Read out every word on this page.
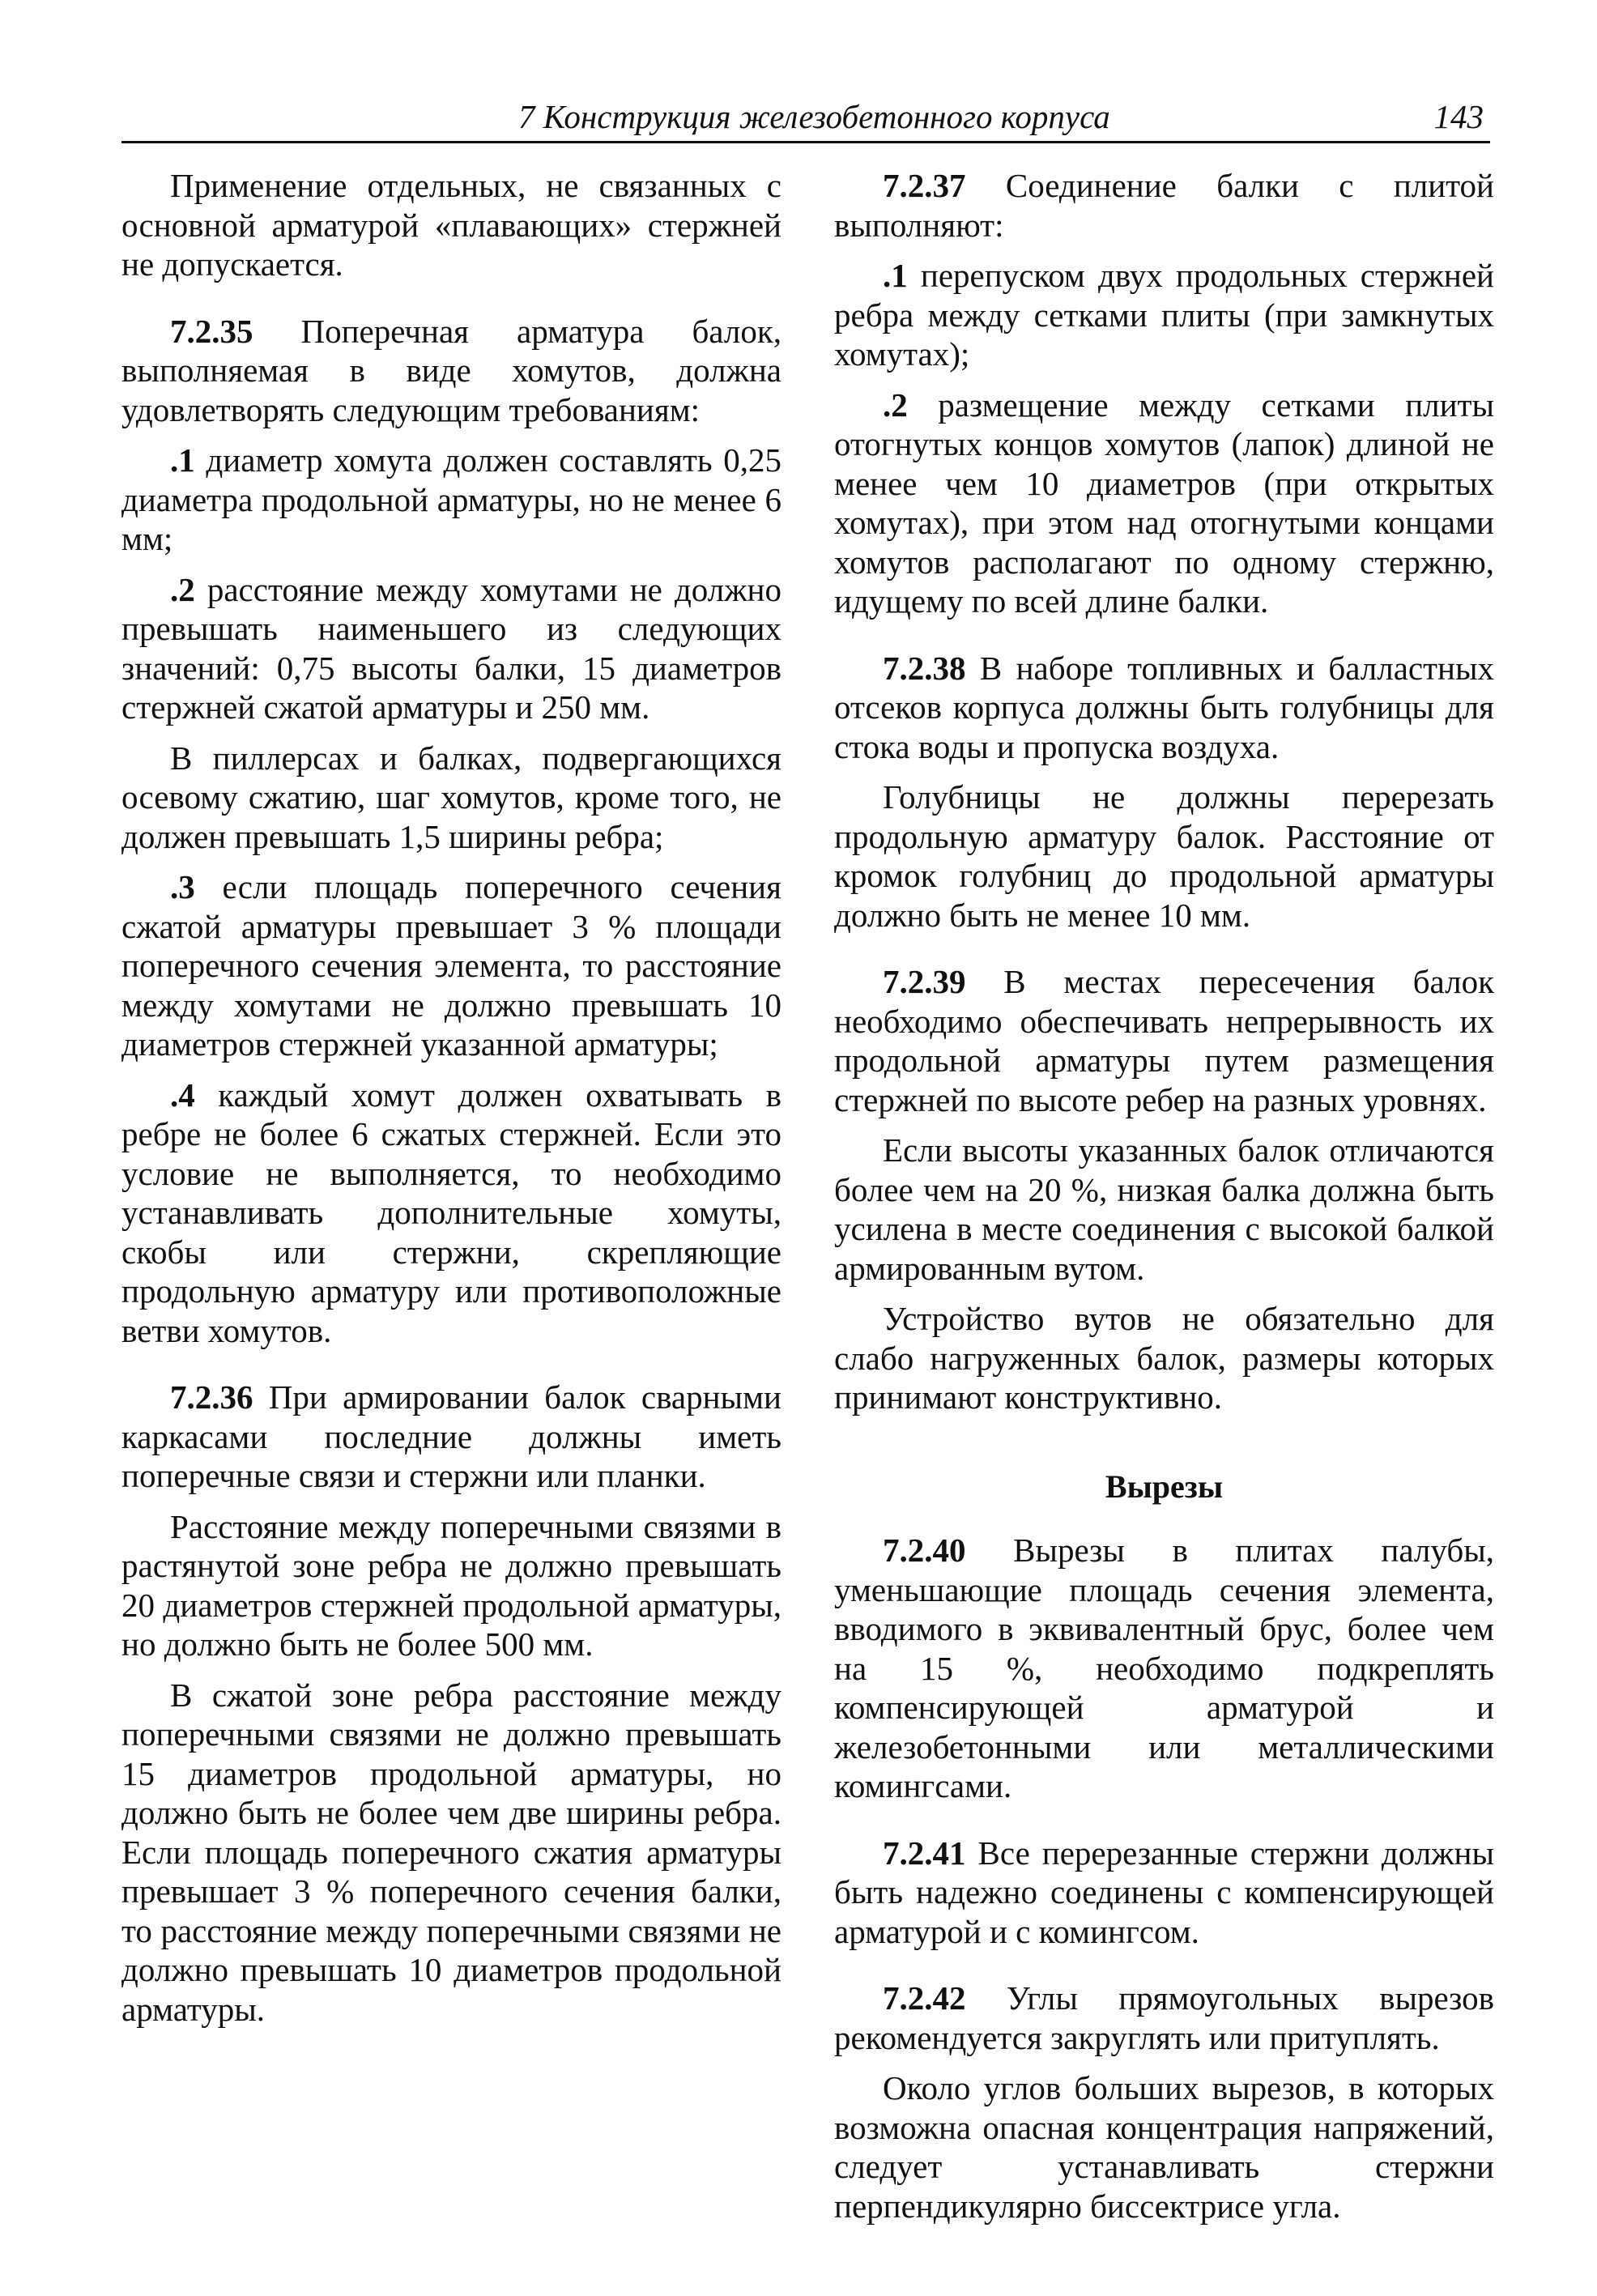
7 Конструкция железобетонного корпуса	143

Применение отдельных, не связанных с основной арматурой «плавающих» стержней не допускается.

7.2.35 Поперечная арматура балок, выполняемая в виде хомутов, должна удовлетворять следующим требованиям:

.1 диаметр хомута должен составлять 0,25 диаметра продольной арматуры, но не менее 6 мм;

.2 расстояние между хомутами не должно превышать наименьшего из следующих значений: 0,75 высоты балки, 15 диаметров стержней сжатой арматуры и 250 мм.

В пиллерсах и балках, подвергающихся осевому сжатию, шаг хомутов, кроме того, не должен превышать 1,5 ширины ребра;

.3 если площадь поперечного сечения сжатой арматуры превышает 3 % площади поперечного сечения элемента, то расстояние между хомутами не должно превышать 10 диаметров стержней указанной арматуры;

.4 каждый хомут должен охватывать в ребре не более 6 сжатых стержней. Если это условие не выполняется, то необходимо устанавливать дополнительные хомуты, скобы или стержни, скрепляющие продольную арматуру или противоположные ветви хомутов.

7.2.36 При армировании балок сварными каркасами последние должны иметь поперечные связи и стержни или планки.

Расстояние между поперечными связями в растянутой зоне ребра не должно превышать 20 диаметров стержней продольной арматуры, но должно быть не более 500 мм.

В сжатой зоне ребра расстояние между поперечными связями не должно превышать 15 диаметров продольной арматуры, но должно быть не более чем две ширины ребра. Если площадь поперечного сжатия арматуры превышает 3 % поперечного сечения балки, то расстояние между поперечными связями не должно превышать 10 диаметров продольной арматуры.

7.2.37 Соединение балки с плитой выполняют:

.1 перепуском двух продольных стержней ребра между сетками плиты (при замкнутых хомутах);

.2 размещение между сетками плиты отогнутых концов хомутов (лапок) длиной не менее чем 10 диаметров (при открытых хомутах), при этом над отогнутыми концами хомутов располагают по одному стержню, идущему по всей длине балки.

7.2.38 В наборе топливных и балластных отсеков корпуса должны быть голубницы для стока воды и пропуска воздуха.

Голубницы не должны перерезать продольную арматуру балок. Расстояние от кромок голубниц до продольной арматуры должно быть не менее 10 мм.

7.2.39 В местах пересечения балок необходимо обеспечивать непрерывность их продольной арматуры путем размещения стержней по высоте ребер на разных уровнях.

Если высоты указанных балок отличаются более чем на 20 %, низкая балка должна быть усилена в месте соединения с высокой балкой армированным вутом.

Устройство вутов не обязательно для слабо нагруженных балок, размеры которых принимают конструктивно.

Вырезы

7.2.40 Вырезы в плитах палубы, уменьшающие площадь сечения элемента, вводимого в эквивалентный брус, более чем на 15 %, необходимо подкреплять компенсирующей арматурой и железобетонными или металлическими комингсами.

7.2.41 Все перерезанные стержни должны быть надежно соединены с компенсирующей арматурой и с комингсом.

7.2.42 Углы прямоугольных вырезов рекомендуется закруглять или притуплять.

Около углов больших вырезов, в которых возможна опасная концентрация напряжений, следует устанавливать стержни перпендикулярно биссектрисе угла.
